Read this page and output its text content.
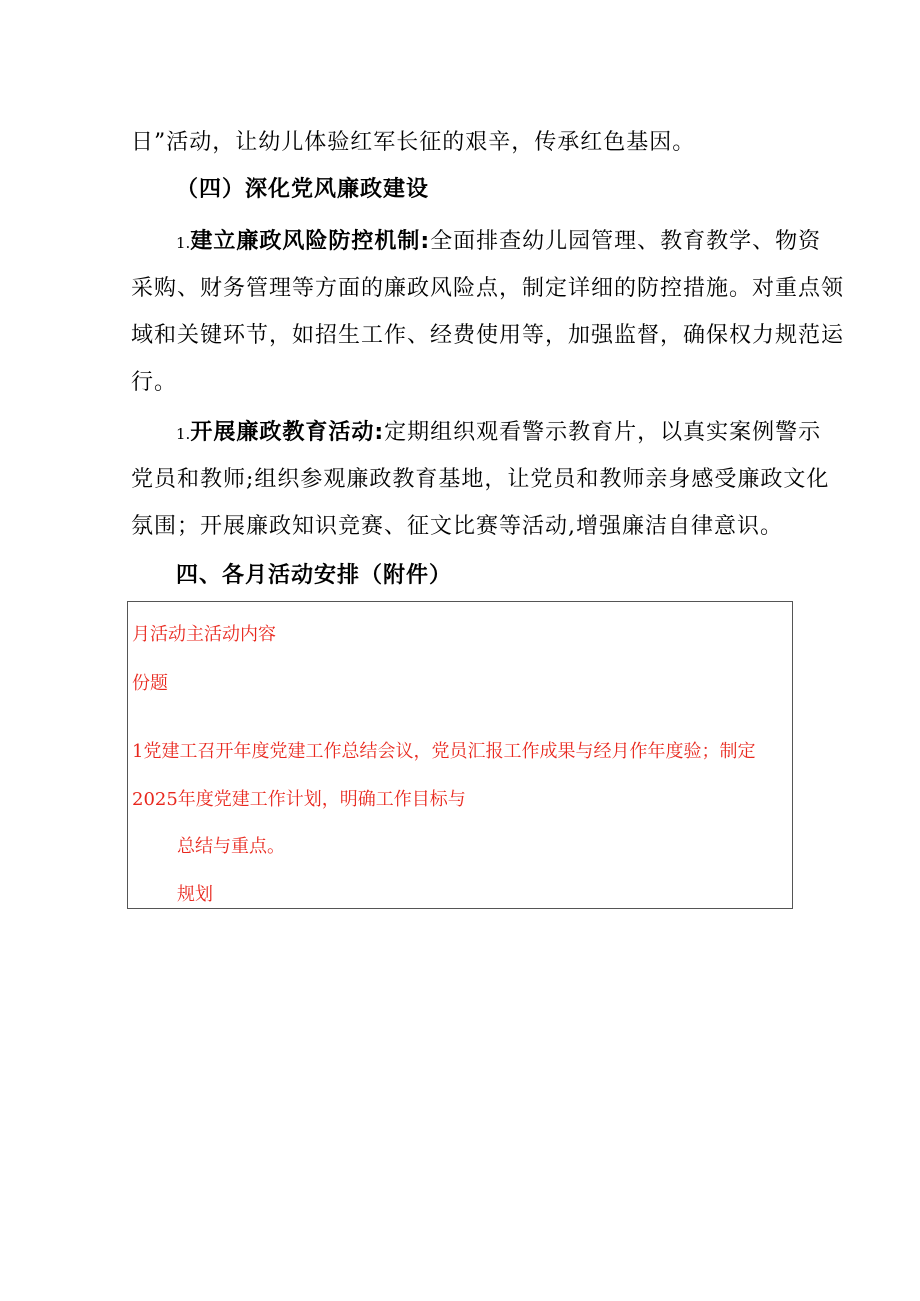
日”活动，让幼儿体验红军长征的艰辛，传承红色基因。
（四）深化党风廉政建设
1.建立廉政风险防控机制:全面排查幼儿园管理、教育教学、物资
采购、财务管理等方面的廉政风险点，制定详细的防控措施。对重点领
域和关键环节，如招生工作、经费使用等，加强监督，确保权力规范运
行。
1.开展廉政教育活动:定期组织观看警示教育片，以真实案例警示
党员和教师;组织参观廉政教育基地，让党员和教师亲身感受廉政文化
氛围；开展廉政知识竞赛、征文比赛等活动,增强廉洁自律意识。
四、各月活动安排（附件）
月活动主活动内容
份题
1党建工召开年度党建工作总结会议，党员汇报工作成果与经月作年度验；制定
2025年度党建工作计划，明确工作目标与
总结与重点。
规划
